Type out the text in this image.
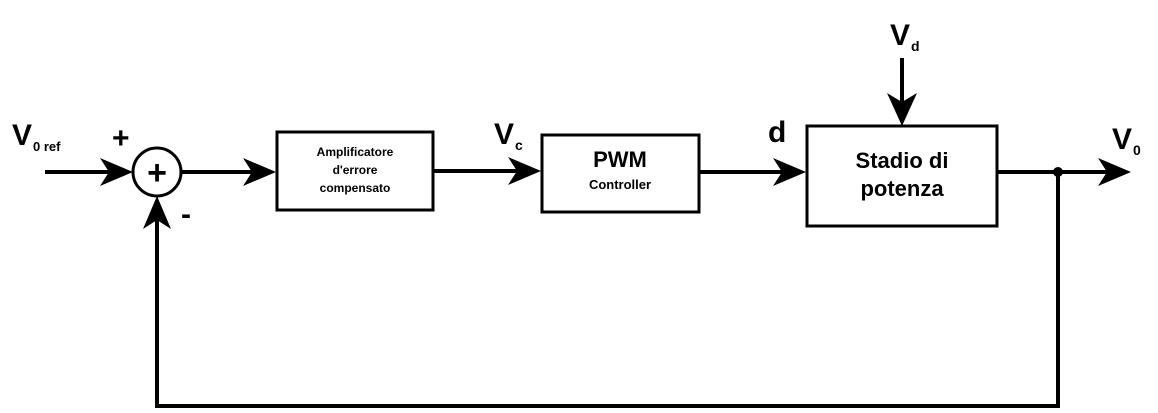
$V_{0 ref}$ +
+
-
Amplificatore
d'errore
compensato
$V_c$
PWM
Controller
d
$V_d$
Stadio di
potenza
$V_0$
